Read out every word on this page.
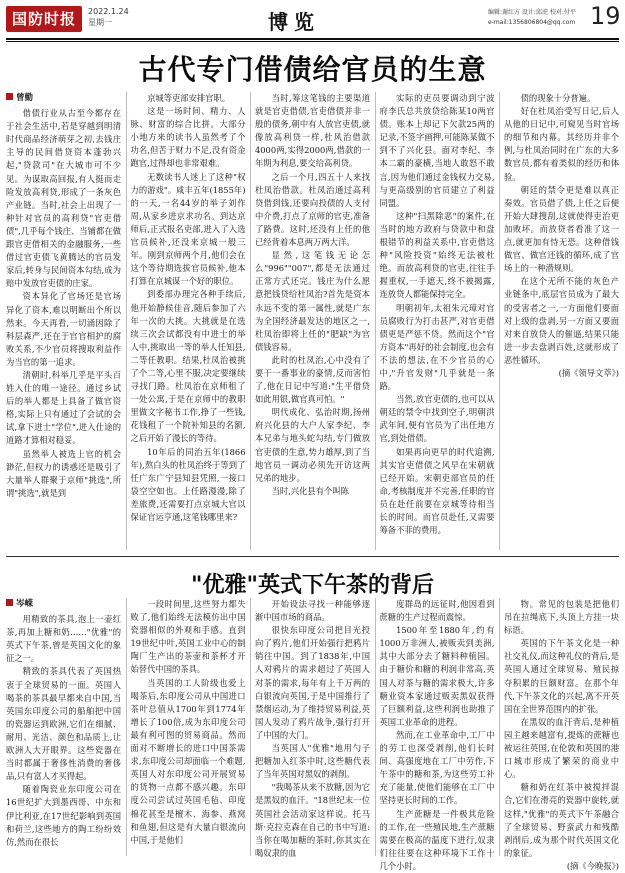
国防时报	2022.1.24
星期一	博览	编辑:谢红方 设计:邱虎 校对:付平
e-mail:1356806804@qq.com 19
古代专门借债给官员的生意

曾勤

借债行业从古至今都存在于社会生活中,若是穿越到明清时代商品经济萌芽之初,去钱庄主导的民间借贷资本蓬勃兴起,"贷款司"在大城市可不少见。为谋取高回报,有人挺而走险发放高利贷,形成了一条灰色产业链。当时,社会上出现了一种针对官员的高利贷"官吏借债",几乎每个钱庄、当铺都在做跟官吏借相关的金融服务,一些借过官吏债飞黄腾达的官员发家后,转身与民间资本勾结,成为赔中发放官吏债的庄家。

资本异化了官场还是官场异化了资本,难以明断出个所以然来。今天再看,一切涌因除了科层森严,还在于官官相护的腐败关系,不少官员将搜取利益作为当官的第一追求。

清朝时,科举几乎是平头百姓入仕的唯一途径。通过乡试后的举人都是上具备了做官资格,实际上只有通过了会试的会试,拿下进士"学位",进入仕途的道路才算相对稳妥。

虽然举人被选上官的机会渺茫,但权力的诱惑还是吸引了大量举人群聚于京师"挑选",所谓"挑选",就是到

京城等吏部安排官职。

这是一场时间、精力、人脉、财富的综合比拼。大部分小地方来的读书人虽然考了个功名,但苦于财力不足,没有资金跑官,过得却也非常艰难。

无数读书人迷上了这种"权力的游戏"。咸丰五年(1855年)的一天,一名44岁的举子刘作周,从家乡进京求功名。到达京师后,正式报名吏部,进入了入选官员候补,还没来京城一般三年。刚到京师两个月,他们会在这个等待期选拔官员候补,他本打算在京城谋一个好的职位。

到委部办理完各种手续后,他开始静候佳音,随后参加了六年一次的大挑。大挑就是在选续三次会试都没有中进士的举人中,挑取出一等的举人任知县,二等任教职。结果,杜凤治被挑了个二等,心里不服,决定要继续寻找门路。杜凤治在京师租了一处公寓,于是在京师中的教职里做文字秘书工作,挣了一些钱,花钱租了一个院补知县的名额,之后开始了漫长的等待。

10年后的同治五年(1866年),熬白头的杜凤治终于等到了任广东广宁县知县凭照,一接口袋空空如也。上任路漫漫,除了差旅费,还需要打点京城大官以保证官运亨通,这笔钱哪里来?

当时,筹这笔钱的主要渠道就是官吏借债,官吏借债并非一般的债务,朝中有人放官吏债,就像放高利贷一样,杜风治借款4000两,实得2000两,借款的一年期为利息,要交给高利贷。

之后一个月,四五十人来找杜凤治借款。杜凤治通过高利贷借到钱,还要向投债的人支付中介费,打点了京师的官吏,准备了路费。这时,还没有上任的他已经背着本息两万两大洋。

显然,这笔钱无论怎么"996""007",都是无法通过正常方式还完。钱庄为什么愿意把钱贷给杜凤治?首先是资本永远不变的第一属性,就是广东为全国经济最发达的地区之一,杜凤治即将上任的"肥缺"为官债钱容易。

此时的杜凤治,心中没有了要干一番事业的豪情,反而害怕了,他在日记中写道:"生平借贷如此用银,做官真可怕。"

明代成化、弘治时期,扬州府兴化县的大户人家李纪、李本兄弟与地头蛇勾结,专门做放官吏债的生意,势力雄厚,到了当地官员一调动必须先开访这两兄弟的地步。

当时,兴化县有个叫陈

实际的吏员要调动到宁波府李氏总共放贷给陈某10两官债。账本上却记下欠款25两的记录,不签字画押,可能陈某做不到不了兴化县。面对李纪、李本二霸的豪横,当地人敢怒不敢言,因为他们通过金钱权力交易,与更高级别的官员建立了利益同盟。

这种"扫黑除恶"的案件,在当时的地方政府与贷款中和盘根错节的利益关系中,官吏借这种"风险投资"始终无法被杜绝。而放高利贷的官吏,往往手握重权,一手遮天,终不被揭露,连放贷人都能保持完全。

明朝初年,太祖朱元璋对官员腐败行为打击甚严,对官吏借债更是严惩不贷。然而这个"官方资本"再好的社会制度,也会有不法的想法,在不少官员的心中,"升官发财"几乎就是一条路。

当然,放官吏债的,也可以从朝廷的禁令中找到空子,明朝洪武年间,便有官员为了出任地方官,到处借债。

如果再向更早的时代追溯,其实官吏借债之风早在宋朝就已经开始。宋朝吏部官员的任命,考核制度并不完善,任职的官员在赴任前要在京城等待相当长的时间。而官员赴任,又需要筹备不菲的费用。

债的现象十分普遍。

好在杜凤治受写日记,后人从他的日记中,可窥见当时官场的细节和内幕。其经历并非个例,与杜凤治同时在广东的大多数官员,都有着类似的经历和体验。

朝廷的禁令更是难以真正奏效。官员借了债,上任之后便开始大肆搜刮,这就使得吏治更加败坏。而放贷者看准了这一点,就更加有恃无恐。这种借钱做官、做官还钱的循环,成了官场上的一种潜规则。

在这个无所不能的灰色产业链条中,底层官员成为了最大的受害者之一,一方面他们要面对上级的盘剥,另一方面又要面对来自放贷人的催逼,结果只能进一步去盘剥百姓,这就形成了恶性循环。

(摘《领导文萃》)

"优雅"英式下午茶的背后

岑嵘

用精致的茶具,泡上一壶红茶,再加上糖和奶……"优雅"的英式下午茶,曾是英国文化的象征之一。

精致的茶具代表了英国热衷于全球贸易的一面。英国人喝茶的茶具最早都来自中国,当英国东印度公司的船舶把中国的瓷器运到欧洲,它们在细腻、耐用、光洁、颜色和品质上,让欧洲人大开眼界。这些瓷器在当时都属于奢侈性消费的奢侈品,只有富人才买得起。

随着陶瓷业东印度公司在16世纪扩大到墨西哥、中东和伊比利亚,在17世纪影响到英国和荷兰,这些地方的陶工纷纷效仿,然而在很长

一段时间里,这些努力都失败了,他们始终无法模仿出中国瓷器相似的外观和手感。直到19世纪中叶,英国工业中心的制陶厂生产出的茶壶和茶杯才开始替代中国的茶具。

当英国的工人阶级也爱上喝茶后,东印度公司从中国进口茶叶总值从1700年到1774年增长了100倍,成为东印度公司最有利可图的贸易商品。然而面对不断增长的进口中国茶需求,东印度公司却面临一个难题,英国人对东印度公司开展贸易的货物一点都不感兴趣。东印度公司尝试过英国毛毡、印度棉花甚至是檀木、海参、燕窝和鱼翅,但这是有大量白银流向中国,于是他们

开始设法寻找一种能够逐渐中国市场的商品。

很快东印度公司把目光投向了鸦片,他们开始强行把鸦片销往中国。到了1838年,中国人对鸦片的需求超过了英国人对茶的需求,每年有上千万两的白银流向英国,于是中国推行了禁烟运动,为了维持贸易利益,英国人发动了鸦片战争,强行打开了中国的大门。

当英国人"优雅"地用勺子把糖加入红茶中时,这些糖代表了当年英国对黑奴的剥削。

"我喝茶从来不放糖,因为它是黑奴的血汗。"18世纪末一位英国社会活动家这样说。托马斯·克拉克森在自己的书中写道:当你在喝加糖的茶时,你其实在喝奴隶的血

度群岛的远征时,他因看到蔗糖的生产过程而震惊。

1500年至1880年,约有1000万非洲人,被贩卖到美洲,其中大部分去了糖料种植园。由于糖价和糖的利润非常高,英国人对茶与糖的需求极大,许多糖业资本家通过贩卖黑奴获得了巨额利益,这些利润也助推了英国工业革命的进程。

然而,在工业革命中,工厂中的劳工也深受剥削,他们长时间、高强度地在工厂中劳作,下午茶中的糖和茶,为这些劳工补充了能量,使他们能够在工厂中坚持更长时间的工作。

生产蔗糖是一件极其危险的工作,在一些殖民地,生产蔗糖需要在极高的温度下进行,奴隶们往往要在这种环境下工作十几个小时。

物。常见的包装是把他们吊在拉绳底下,头顶上方挂一块标语。

英国的下午茶文化是一种社交礼仪,而这种礼仪的背后,是英国人通过全球贸易、殖民掠夺积累的巨额财富。在那个年代,下午茶文化的兴起,离不开英国在全世界范围内的扩张。

在黑奴的血汗背后,是种植园主越来越富有,提炼的蔗糖也被运往英国,在伦敦和英国的港口城市形成了繁荣的商业中心。

糖和奶在红茶中被搅拌混合,它们在滑亮的瓷器中旋转,就这样,"优雅"的英式下午茶融合了全球贸易、野蛮武力和残酷剥削后,成为那个时代英国文化的象征。

(摘《今晚报》)
